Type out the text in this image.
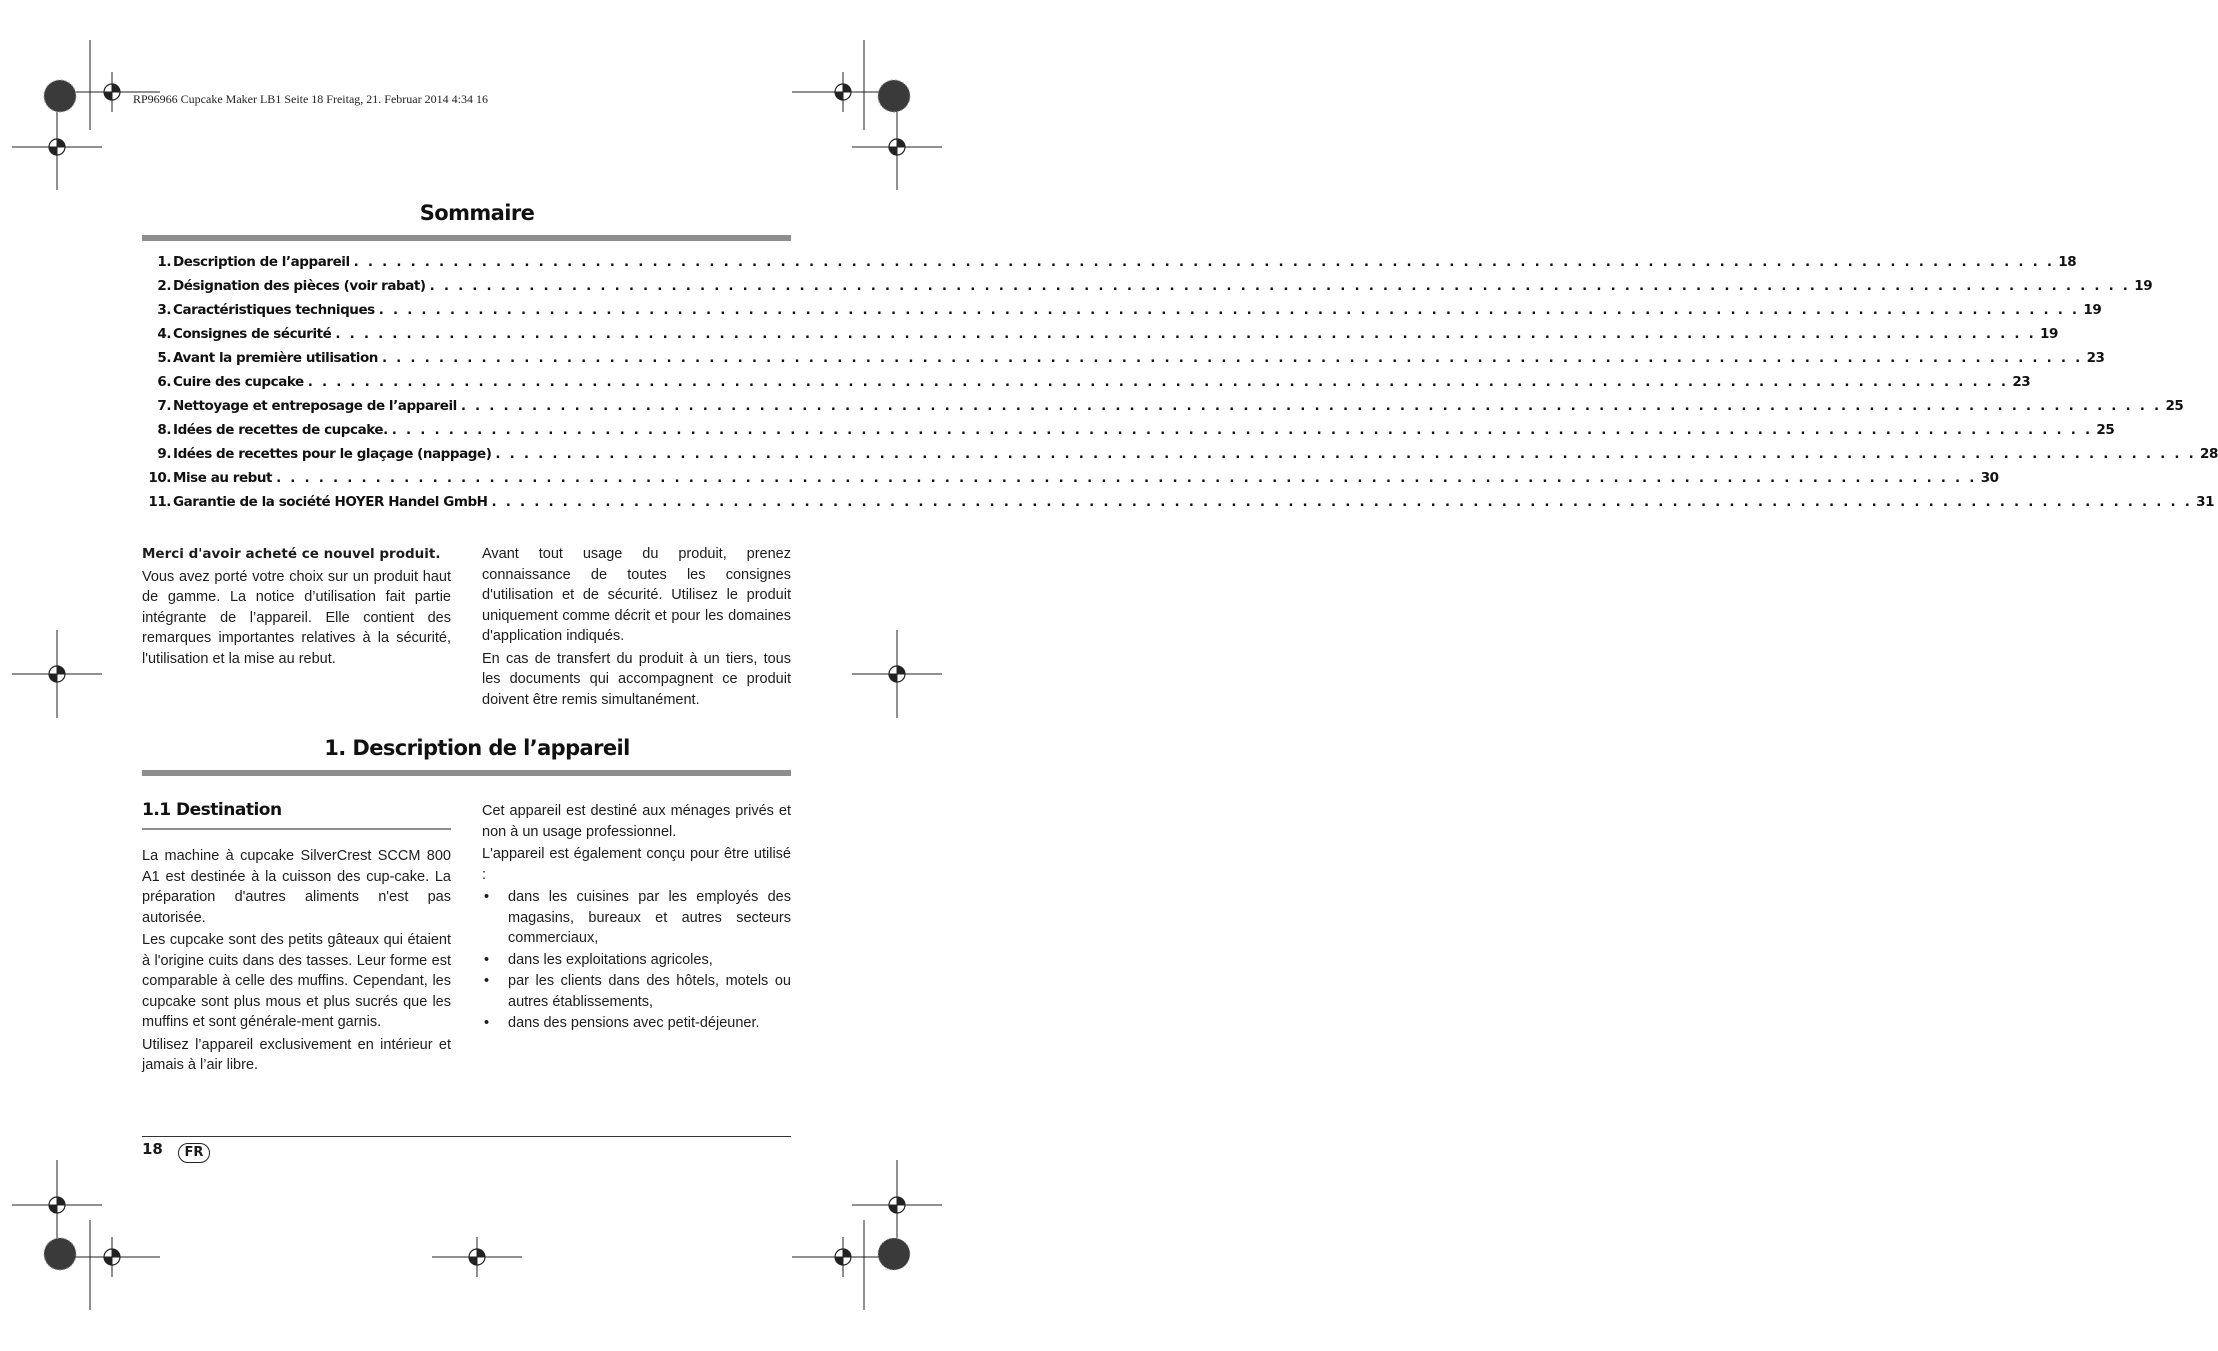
RP96966 Cupcake Maker LB1 Seite 18 Freitag, 21. Februar 2014 4:34 16
Sommaire
1. Description de l’appareil . . . . . . . . . . . . . . . . . . . . . . . . . . . . . . . . . . . . . . . . . . . . . . . . . . . . . . . . . . . . . . . . . . . . . . . . . . . . . . . . . . . . . . . . . . . . . . . . . . . . . . . . . . . . . . . . . . . . . . . . 18
2. Désignation des pièces (voir rabat) . . . . . . . . . . . . . . . . . . . . . . . . . . . . . . . . . . . . . . . . . . . . . . . . . . . . . . . . . . . . . . . . . . . . . . . . . . . . . . . . . . . . . . . . . . . . . . . . . . . . . . . . . . . . . . . . . . . . . . . . 19
3. Caractéristiques techniques . . . . . . . . . . . . . . . . . . . . . . . . . . . . . . . . . . . . . . . . . . . . . . . . . . . . . . . . . . . . . . . . . . . . . . . . . . . . . . . . . . . . . . . . . . . . . . . . . . . . . . . . . . . . . . . . . . . . . . . . 19
4. Consignes de sécurité . . . . . . . . . . . . . . . . . . . . . . . . . . . . . . . . . . . . . . . . . . . . . . . . . . . . . . . . . . . . . . . . . . . . . . . . . . . . . . . . . . . . . . . . . . . . . . . . . . . . . . . . . . . . . . . . . . . . . . . . 19
5. Avant la première utilisation . . . . . . . . . . . . . . . . . . . . . . . . . . . . . . . . . . . . . . . . . . . . . . . . . . . . . . . . . . . . . . . . . . . . . . . . . . . . . . . . . . . . . . . . . . . . . . . . . . . . . . . . . . . . . . . . . . . . . . . . 23
6. Cuire des cupcake . . . . . . . . . . . . . . . . . . . . . . . . . . . . . . . . . . . . . . . . . . . . . . . . . . . . . . . . . . . . . . . . . . . . . . . . . . . . . . . . . . . . . . . . . . . . . . . . . . . . . . . . . . . . . . . . . . . . . . . . 23
7. Nettoyage et entreposage de l’appareil . . . . . . . . . . . . . . . . . . . . . . . . . . . . . . . . . . . . . . . . . . . . . . . . . . . . . . . . . . . . . . . . . . . . . . . . . . . . . . . . . . . . . . . . . . . . . . . . . . . . . . . . . . . . . . . . . . . . . . . . 25
8. Idées de recettes de cupcake. . . . . . . . . . . . . . . . . . . . . . . . . . . . . . . . . . . . . . . . . . . . . . . . . . . . . . . . . . . . . . . . . . . . . . . . . . . . . . . . . . . . . . . . . . . . . . . . . . . . . . . . . . . . . . . . . . . . . . . . . 25
9. Idées de recettes pour le glaçage (nappage) . . . . . . . . . . . . . . . . . . . . . . . . . . . . . . . . . . . . . . . . . . . . . . . . . . . . . . . . . . . . . . . . . . . . . . . . . . . . . . . . . . . . . . . . . . . . . . . . . . . . . . . . . . . . . . . . . . . . . . . . 28
10. Mise au rebut . . . . . . . . . . . . . . . . . . . . . . . . . . . . . . . . . . . . . . . . . . . . . . . . . . . . . . . . . . . . . . . . . . . . . . . . . . . . . . . . . . . . . . . . . . . . . . . . . . . . . . . . . . . . . . . . . . . . . . . . 30
11. Garantie de la société HOYER Handel GmbH . . . . . . . . . . . . . . . . . . . . . . . . . . . . . . . . . . . . . . . . . . . . . . . . . . . . . . . . . . . . . . . . . . . . . . . . . . . . . . . . . . . . . . . . . . . . . . . . . . . . . . . . . . . . . . . . . . . . . . . . 31

Merci d'avoir acheté ce nouvel produit.

Vous avez porté votre choix sur un produit haut de gamme. La notice d’utilisation fait partie intégrante de l’appareil. Elle contient des remarques importantes relatives à la sécurité, l'utilisation et la mise au rebut.

Avant tout usage du produit, prenez connaissance de toutes les consignes d'utilisation et de sécurité. Utilisez le produit uniquement comme décrit et pour les domaines d'application indiqués.

En cas de transfert du produit à un tiers, tous les documents qui accompagnent ce produit doivent être remis simultanément.

1. Description de l’appareil
1.1 Destination

La machine à cupcake SilverCrest SCCM 800 A1 est destinée à la cuisson des cup-cake. La préparation d'autres aliments n'est pas autorisée.

Les cupcake sont des petits gâteaux qui étaient à l'origine cuits dans des tasses. Leur forme est comparable à celle des muffins. Cependant, les cupcake sont plus mous et plus sucrés que les muffins et sont générale-ment garnis.

Utilisez l’appareil exclusivement en intérieur et jamais à l’air libre.

Cet appareil est destiné aux ménages privés et non à un usage professionnel.

L'appareil est également conçu pour être utilisé :

• dans les cuisines par les employés des magasins, bureaux et autres secteurs commerciaux,
• dans les exploitations agricoles,
• par les clients dans des hôtels, motels ou autres établissements,
• dans des pensions avec petit-déjeuner.
18	FR
